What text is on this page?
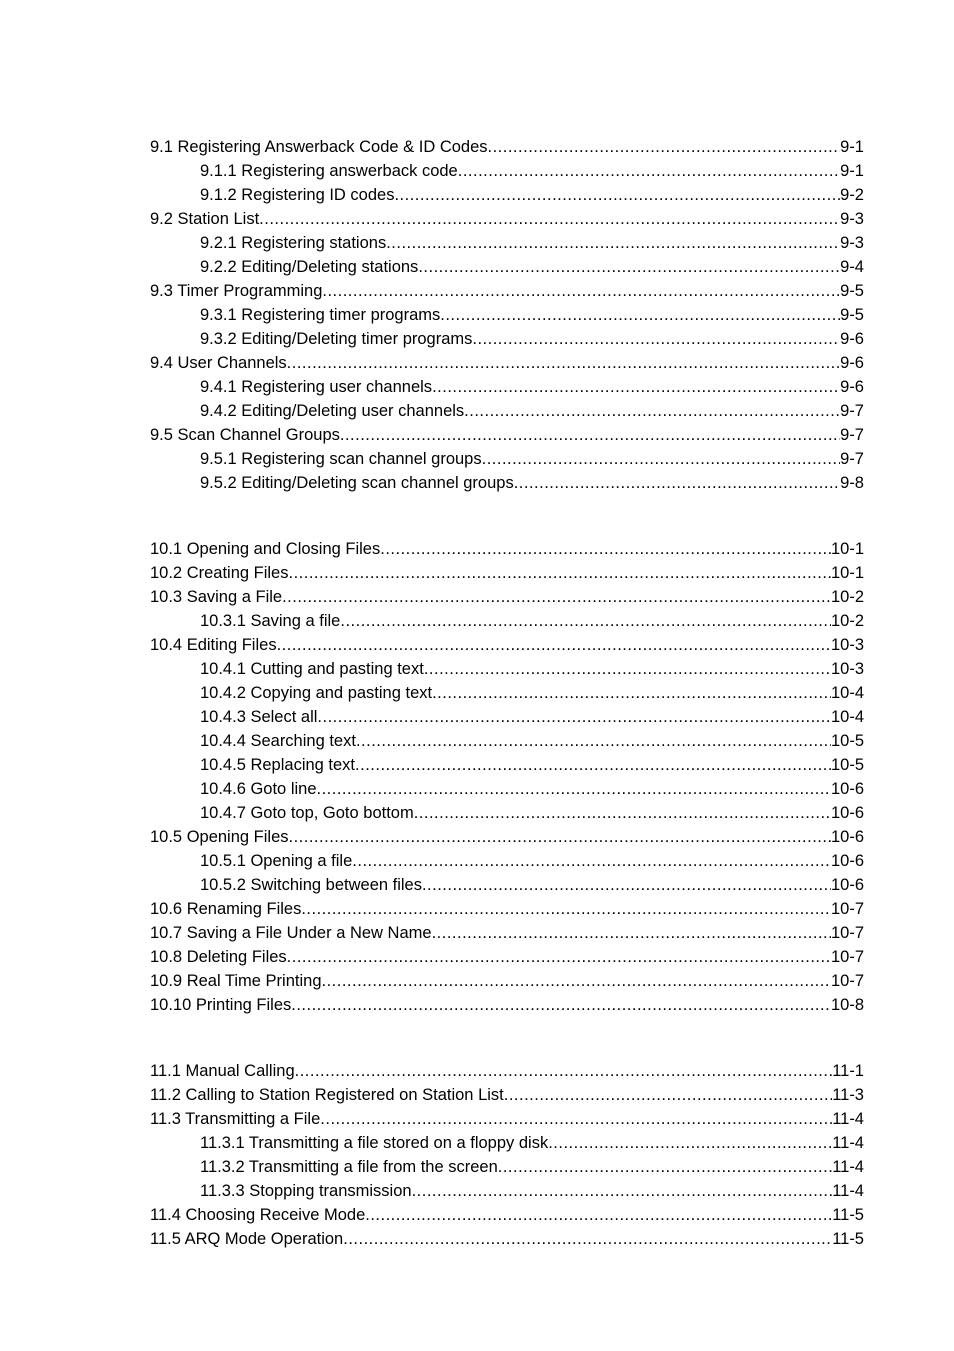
9.1 Registering Answerback Code & ID Codes .....	9-1
9.1.1 Registering answerback code .....	9-1
9.1.2 Registering ID codes .....	9-2
9.2 Station List .....	9-3
9.2.1 Registering stations .....	9-3
9.2.2 Editing/Deleting stations .....	9-4
9.3 Timer Programming .....	9-5
9.3.1 Registering timer programs .....	9-5
9.3.2 Editing/Deleting timer programs .....	9-6
9.4 User Channels .....	9-6
9.4.1 Registering user channels .....	9-6
9.4.2 Editing/Deleting user channels .....	9-7
9.5 Scan Channel Groups .....	9-7
9.5.1 Registering scan channel groups .....	9-7
9.5.2 Editing/Deleting scan channel groups .....	9-8
10.1 Opening and Closing Files .....	10-1
10.2 Creating Files .....	10-1
10.3 Saving a File .....	10-2
10.3.1 Saving a file .....	10-2
10.4 Editing Files .....	10-3
10.4.1 Cutting and pasting text .....	10-3
10.4.2 Copying and pasting text .....	10-4
10.4.3 Select all .....	10-4
10.4.4 Searching text .....	10-5
10.4.5 Replacing text .....	10-5
10.4.6 Goto line .....	10-6
10.4.7 Goto top, Goto bottom .....	10-6
10.5 Opening Files .....	10-6
10.5.1 Opening a file .....	10-6
10.5.2 Switching between files .....	10-6
10.6 Renaming Files .....	10-7
10.7 Saving a File Under a New Name .....	10-7
10.8 Deleting Files .....	10-7
10.9 Real Time Printing .....	10-7
10.10 Printing Files .....	10-8
11.1 Manual Calling .....	11-1
11.2 Calling to Station Registered on Station List .....	11-3
11.3 Transmitting a File .....	11-4
11.3.1 Transmitting a file stored on a floppy disk .....	11-4
11.3.2 Transmitting a file from the screen .....	11-4
11.3.3 Stopping transmission .....	11-4
11.4 Choosing Receive Mode .....	11-5
11.5 ARQ Mode Operation .....	11-5
